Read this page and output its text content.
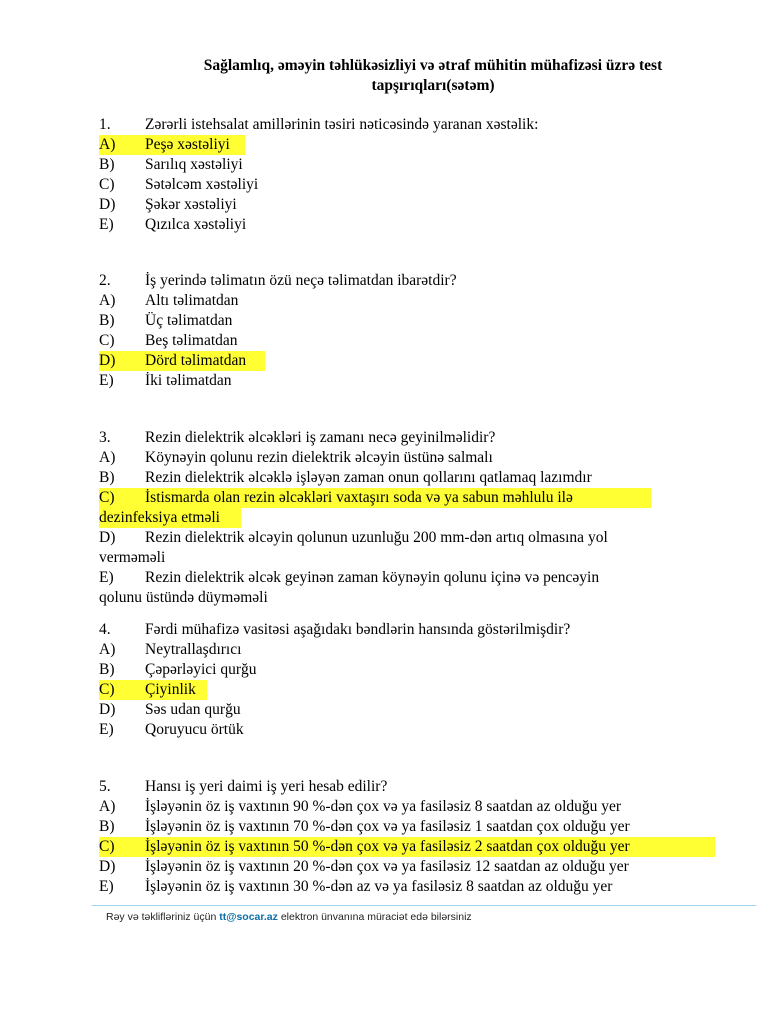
Sağlamlıq, əməyin təhlükəsizliyi və ətraf mühitin mühafizəsi üzrə test
tapşırıqları(sətəm)
1. Zərərli istehsalat amillərinin təsiri nəticəsində yaranan xəstəlik:
A) Peşə xəstəliyi
B) Sarılıq xəstəliyi
C) Sətəlcəm xəstəliyi
D) Şəkər xəstəliyi
E) Qızılca xəstəliyi
2. İş yerində təlimatın özü neçə təlimatdan ibarətdir?
A) Altı təlimatdan
B) Üç təlimatdan
C) Beş təlimatdan
D) Dörd təlimatdan
E) İki təlimatdan
3. Rezin dielektrik əlcəkləri iş zamanı necə geyinilməlidir?
A) Köynəyin qolunu rezin dielektrik əlcəyin üstünə salmalı
B) Rezin dielektrik əlcəklə işləyən zaman onun qollarını qatlamaq lazımdır
C) İstismarda olan rezin əlcəkləri vaxtaşırı soda və ya sabun məhlulu ilə
dezinfeksiya etməli
D) Rezin dielektrik əlcəyin qolunun uzunluğu 200 mm-dən artıq olmasına yol
verməməli
E) Rezin dielektrik əlcək geyinən zaman köynəyin qolunu içinə və pencəyin
qolunu üstündə düyməməli
4. Fərdi mühafizə vasitəsi aşağıdakı bəndlərin hansında göstərilmişdir?
A) Neytrallaşdırıcı
B) Çəpərləyici qurğu
C) Çiyinlik
D) Səs udan qurğu
E) Qoruyucu örtük
5. Hansı iş yeri daimi iş yeri hesab edilir?
A) İşləyənin öz iş vaxtının 90 %-dən çox və ya fasiləsiz 8 saatdan az olduğu yer
B) İşləyənin öz iş vaxtının 70 %-dən çox və ya fasiləsiz 1 saatdan çox olduğu yer
C) İşləyənin öz iş vaxtının 50 %-dən çox və ya fasiləsiz 2 saatdan çox olduğu yer
D) İşləyənin öz iş vaxtının 20 %-dən çox və ya fasiləsiz 12 saatdan az olduğu yer
E) İşləyənin öz iş vaxtının 30 %-dən az və ya fasiləsiz 8 saatdan az olduğu yer
Rəy və təklifləriniz üçün tt@socar.az elektron ünvanına müraciət edə bilərsiniz
